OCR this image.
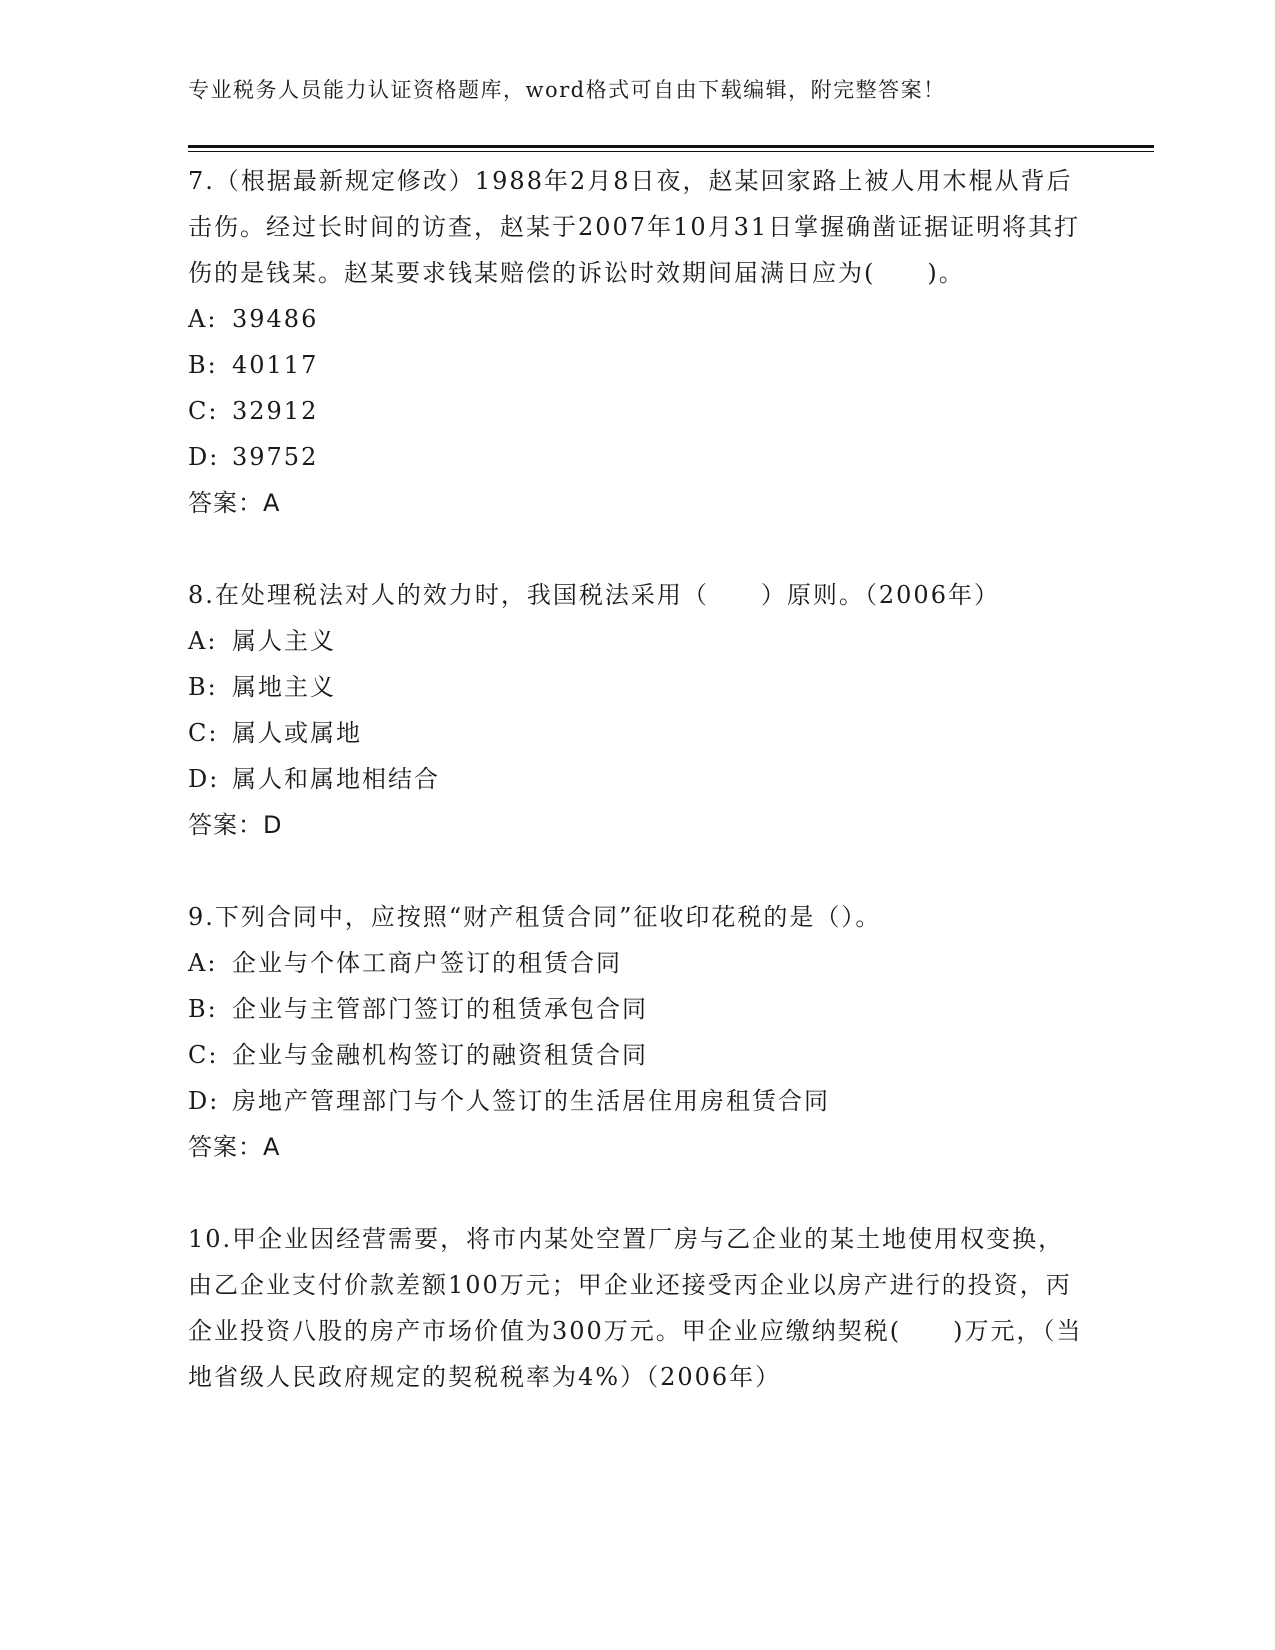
专业税务人员能力认证资格题库，word格式可自由下载编辑，附完整答案！

7.（根据最新规定修改）1988年2月8日夜，赵某回家路上被人用木棍从背后击伤。经过长时间的访查，赵某于2007年10月31日掌握确凿证据证明将其打伤的是钱某。赵某要求钱某赔偿的诉讼时效期间届满日应为(　　)。

A: 39486

B: 40117

C: 32912

D: 39752

答案：A

8.在处理税法对人的效力时，我国税法采用（　　）原则。（2006年）

A: 属人主义

B: 属地主义

C: 属人或属地

D: 属人和属地相结合

答案：D

9.下列合同中，应按照“财产租赁合同”征收印花税的是（）。

A: 企业与个体工商户签订的租赁合同

B: 企业与主管部门签订的租赁承包合同

C: 企业与金融机构签订的融资租赁合同

D: 房地产管理部门与个人签订的生活居住用房租赁合同

答案：A

10.甲企业因经营需要，将市内某处空置厂房与乙企业的某土地使用权变换，由乙企业支付价款差额100万元；甲企业还接受丙企业以房产进行的投资，丙企业投资八股的房产市场价值为300万元。甲企业应缴纳契税(　　)万元，（当地省级人民政府规定的契税税率为4%）（2006年）
